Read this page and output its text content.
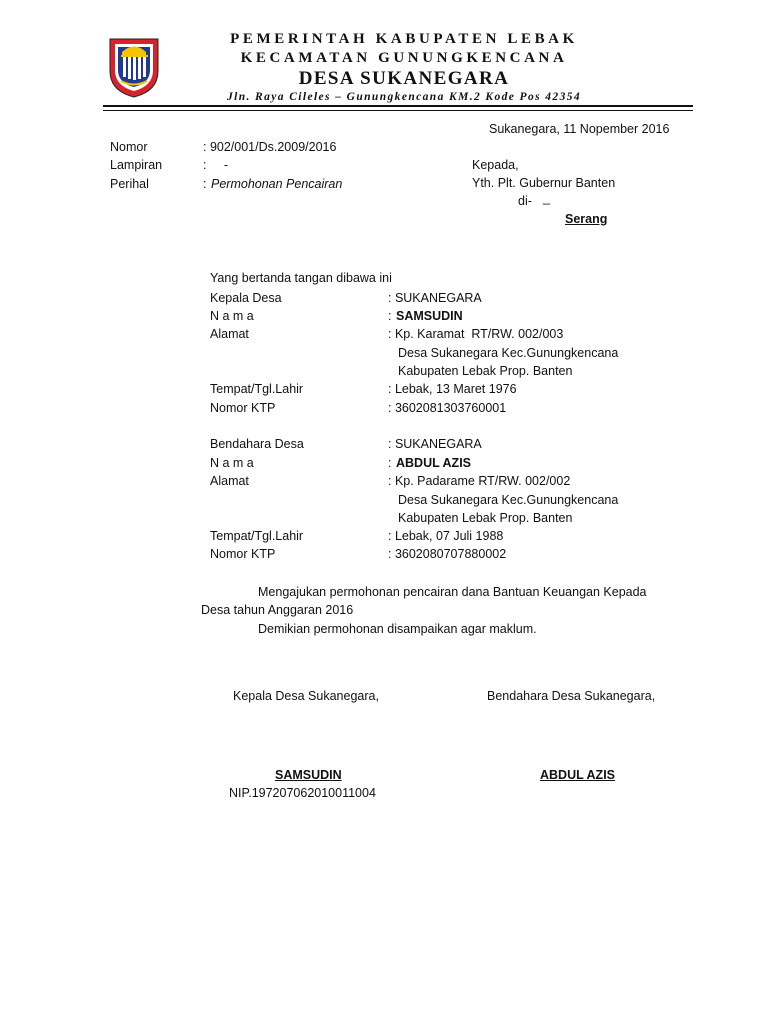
PEMERINTAH KABUPATEN LEBAK
KECAMATAN GUNUNGKENCANA
DESA SUKANEGARA
Jln. Raya Cileles – Gunungkencana KM.2 Kode Pos 42354
Sukanegara, 11 Nopember 2016
Nomor	: 902/001/Ds.2009/2016
Lampiran	:     -
Perihal	: Permohonan Pencairan
Kepada,
Yth. Plt. Gubernur Banten
di- _
Serang
Yang bertanda tangan dibawa ini
Kepala Desa	: SUKANEGARA
N a m a	: SAMSUDIN
Alamat	: Kp. Karamat  RT/RW. 002/003
Desa Sukanegara Kec.Gunungkencana
Kabupaten Lebak Prop. Banten
Tempat/Tgl.Lahir	: Lebak, 13 Maret 1976
Nomor KTP	: 3602081303760001
Bendahara Desa	: SUKANEGARA
N a m a	: ABDUL AZIS
Alamat	: Kp. Padarame RT/RW. 002/002
Desa Sukanegara Kec.Gunungkencana
Kabupaten Lebak Prop. Banten
Tempat/Tgl.Lahir	: Lebak, 07 Juli 1988
Nomor KTP	: 3602080707880002
Mengajukan permohonan pencairan dana Bantuan Keuangan Kepada
Desa tahun Anggaran 2016
Demikian permohonan disampaikan agar maklum.
Kepala Desa Sukanegara,	Bendahara Desa Sukanegara,
SAMSUDIN
NIP.197207062010011004
ABDUL AZIS
